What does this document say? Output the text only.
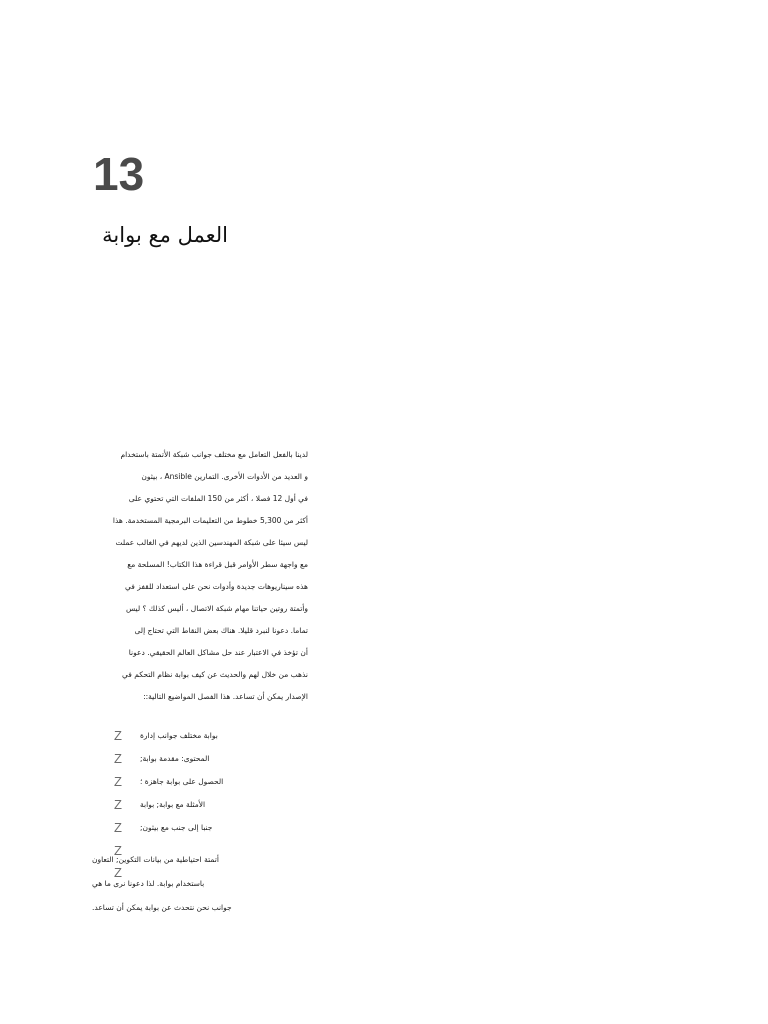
13
العمل مع بوابة
لدينا بالفعل التعامل مع مختلف جوانب شبكة الأتمتة باستخدام
و العديد من الأدوات الأخرى. التمارين Ansible ، بيثون
في أول 12 فصلا ، أكثر من 150 الملفات التي تحتوي على
أكثر من 5,300 خطوط من التعليمات البرمجية المستخدمة. هذا
ليس سيئا على شبكة المهندسين الذين لديهم في الغالب عملت
مع واجهة سطر الأوامر قبل قراءة هذا الكتاب! المسلحة مع
هذه سيناريوهات جديدة وأدوات نحن على استعداد للقفز في
وأتمتة روتين حياتنا مهام شبكة الاتصال ، أليس كذلك ؟ ليس
تماما. دعونا لنبرد قليلا. هناك بعض النقاط التي تحتاج إلى
أن تؤخذ في الاعتبار عند حل مشاكل العالم الحقيقي. دعونا
نذهب من خلال لهم والحديث عن كيف بوابة نظام التحكم في
الإصدار يمكن أن تساعد. هذا الفصل المواضيع التالية::
Z بوابة مختلف جوانب إدارة
Z المحتوى: مقدمة بوابة;
Z الحصول على بوابة جاهزة ؛
Z الأمثلة مع بوابة; بوابة
Z جنبا إلى جنب مع بيثون;
Z
Z
أتمتة احتياطية من بيانات التكوين; التعاون
باستخدام بوابة. لذا دعونا نرى ما هي
جوانب نحن نتحدث عن بوابة يمكن أن تساعد.
